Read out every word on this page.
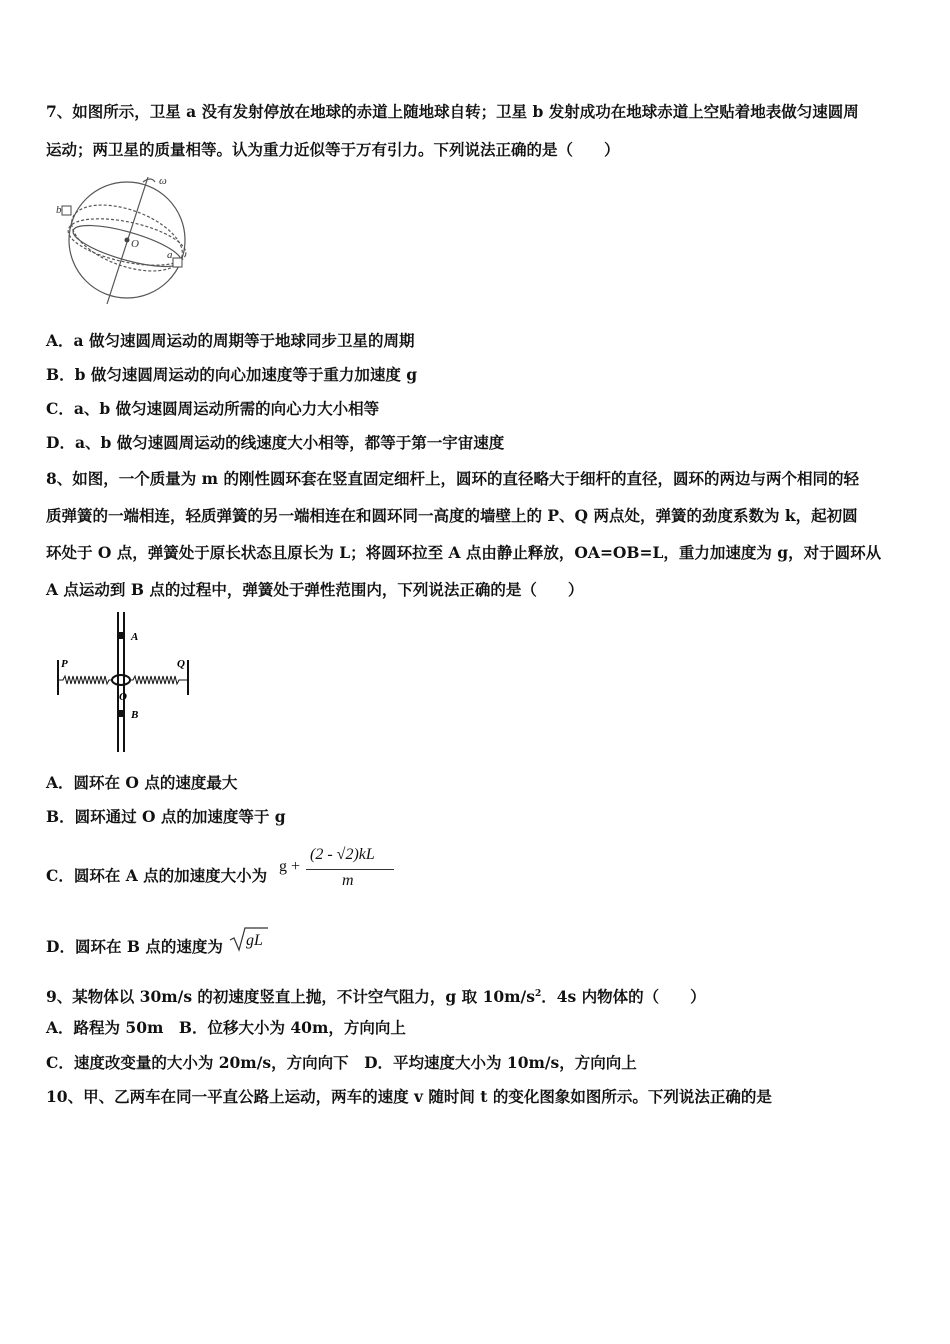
7、如图所示，卫星 a 没有发射停放在地球的赤道上随地球自转；卫星 b 发射成功在地球赤道上空贴着地表做匀速圆周
运动；两卫星的质量相等。认为重力近似等于万有引力。下列说法正确的是（　　）
b
O
a
ω
A．a 做匀速圆周运动的周期等于地球同步卫星的周期
B．b 做匀速圆周运动的向心加速度等于重力加速度 g
C．a、b 做匀速圆周运动所需的向心力大小相等
D．a、b 做匀速圆周运动的线速度大小相等，都等于第一宇宙速度
8、如图，一个质量为 m 的刚性圆环套在竖直固定细杆上，圆环的直径略大于细杆的直径，圆环的两边与两个相同的轻
质弹簧的一端相连，轻质弹簧的另一端相连在和圆环同一高度的墙壁上的 P、Q 两点处，弹簧的劲度系数为 k，起初圆
环处于 O 点，弹簧处于原长状态且原长为 L；将圆环拉至 A 点由静止释放，OA=OB=L，重力加速度为 g，对于圆环从
A 点运动到 B 点的过程中，弹簧处于弹性范围内，下列说法正确的是（　　）
A
P	Q
O
B
A．圆环在 O 点的速度最大
B．圆环通过 O 点的加速度等于 g
C．圆环在 A 点的加速度大小为 g +
(2 - √2)kL
m
D．圆环在 B 点的速度为 gL
9、某物体以 30m/s 的初速度竖直上抛，不计空气阻力，g 取 $10m/s^2$．4s 内物体的（　　）
A．路程为 50m　B．位移大小为 40m，方向向上
C．速度改变量的大小为 20m/s，方向向下　D．平均速度大小为 10m/s，方向向上
10、甲、乙两车在同一平直公路上运动，两车的速度 v 随时间 t 的变化图象如图所示。下列说法正确的是
